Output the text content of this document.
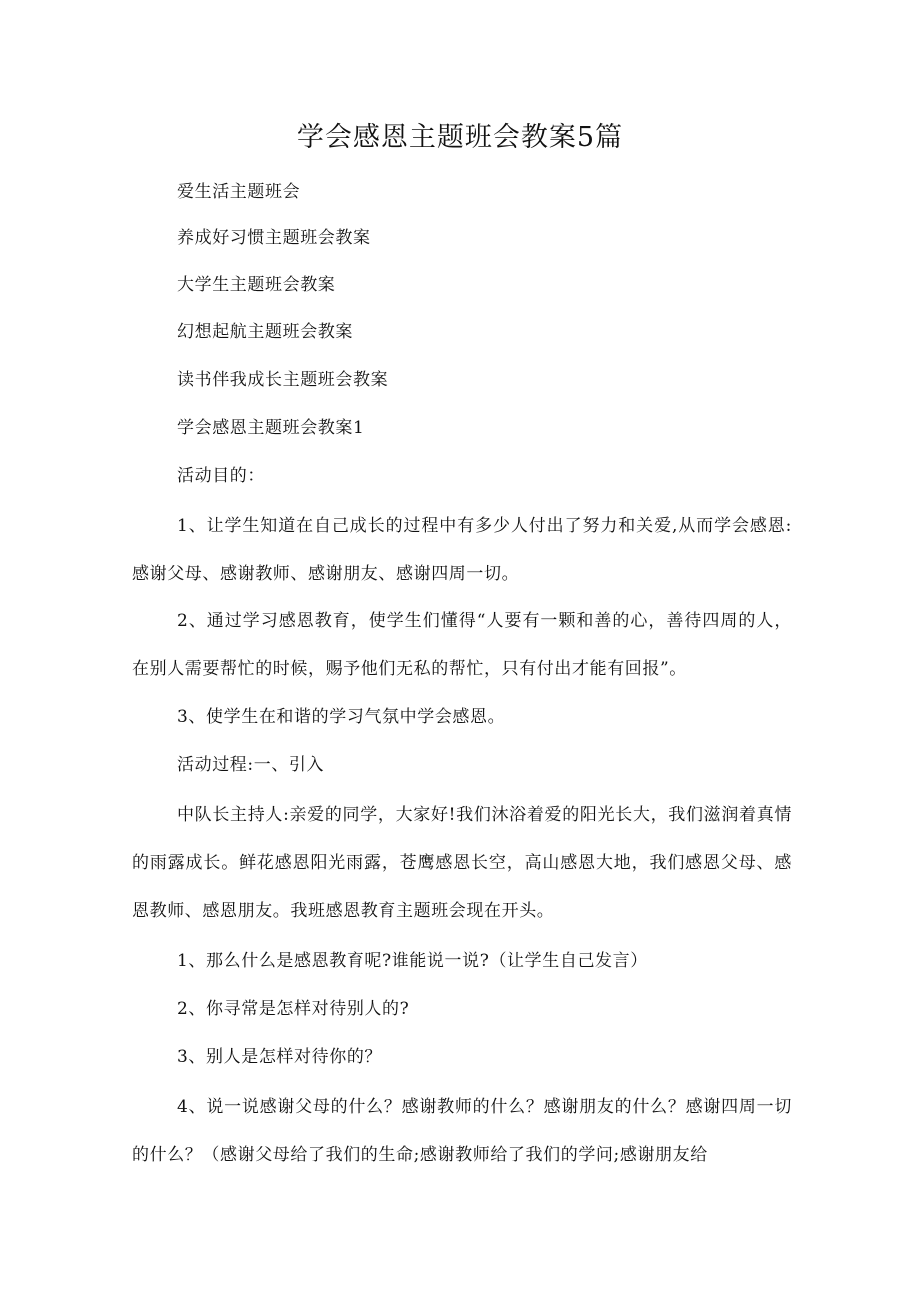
学会感恩主题班会教案5篇
爱生活主题班会
养成好习惯主题班会教案
大学生主题班会教案
幻想起航主题班会教案
读书伴我成长主题班会教案
学会感恩主题班会教案1
活动目的：
1、让学生知道在自己成长的过程中有多少人付出了努力和关爱,从而学会感恩:感谢父母、感谢教师、感谢朋友、感谢四周一切。
2、通过学习感恩教育，使学生们懂得“人要有一颗和善的心，善待四周的人，在别人需要帮忙的时候，赐予他们无私的帮忙，只有付出才能有回报”。
3、使学生在和谐的学习气氛中学会感恩。
活动过程:一、引入
中队长主持人:亲爱的同学，大家好!我们沐浴着爱的阳光长大，我们滋润着真情的雨露成长。鲜花感恩阳光雨露，苍鹰感恩长空，高山感恩大地，我们感恩父母、感恩教师、感恩朋友。我班感恩教育主题班会现在开头。
1、那么什么是感恩教育呢?谁能说一说?（让学生自己发言）
2、你寻常是怎样对待别人的?
3、别人是怎样对待你的？
4、说一说感谢父母的什么？感谢教师的什么？感谢朋友的什么？感谢四周一切的什么？（感谢父母给了我们的生命;感谢教师给了我们的学问;感谢朋友给
